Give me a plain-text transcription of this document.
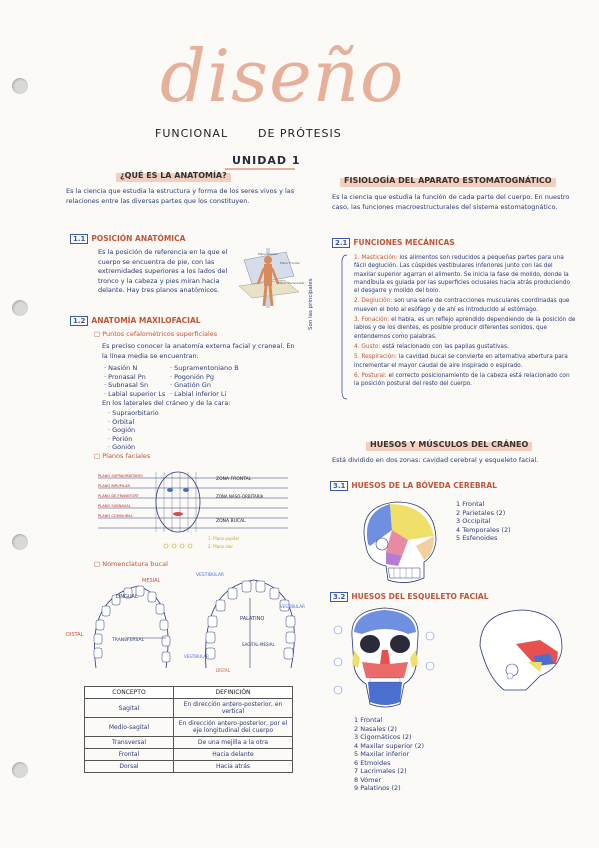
diseño
FUNCIONAL	DE PRÓTESIS
UNIDAD 1
¿QUÉ ES LA ANATOMÍA?
Es la ciencia que estudia la estructura y forma de los seres vivos y las relaciones entre las diversas partes que los constituyen.
1.1 POSICIÓN ANATÓMICA
Es la posición de referencia en la que el cuerpo se encuentra de pie, con las extremidades superiores a los lados del tronco y la cabeza y pies miran hacia delante. Hay tres planos anatómicos.
Plano Sagital
Plano Frontal
Plano Transversal
1.2 ANATOMÍA MAXILOFACIAL
□ Puntos cefalométricos superficiales
Es preciso conocer la anatomía externa facial y craneal. En la línea media se encuentran:
· Nasión N
· Pronasal Pn
· Subnasal Sn
· Labial superior Ls
· Supramentoniano B
· Pogonión Pg
· Gnatión Gn
· Labial inferior Li
En los laterales del cráneo y de la cara:
· Supraorbitario
· Orbital
· Gogión
· Porión
· Gonión
□ Planos faciales
PLANO SUPRAORBITARIO
PLANO BIPUPILAR
PLANO DE FRANKFORT
PLANO SUBNASAL
PLANO COMISURAL
ZONA FRONTAL
ZONA NASO-ORBITARIA
ZONA BUCAL
1. Plano pupilar
2. Plano alar
□ Nomenclatura bucal
MESIAL
LINGUAL
DISTAL
TRANSFERSAL
VESTIBULAR
PALATINO
SAGITAL-MESIAL
VESTIBULAR
VESTIBULAR
DISTAL
CONCEPTO	DEFINICIÓN
Sagital	En dirección antero-posterior, en vertical
Medio-sagital	En dirección antero-posterior, por el eje longitudinal del cuerpo
Transversal	De una mejilla a la otra
Frontal	Hacia delante
Dorsal	Hacia atrás
FISIOLOGÍA DEL APARATO ESTOMATOGNÁTICO
Es la ciencia que estudia la función de cada parte del cuerpo. En nuestro caso, las funciones macroestructurales del sistema estomatognático.
2.1 FUNCIONES MECÁNICAS
Son las principales
1. Masticación: los alimentos son reducidos a pequeñas partes para una fácil deglución. Las cúspides vestibulares inferiores junto con las del maxilar superior agarran el alimento. Se inicia la fase de molido, donde la mandíbula es guiada por las superficies oclusales hacia atrás produciendo el desgarre y molido del bolo.
2. Deglución: son una serie de contracciones musculares coordinadas que mueven el bolo al esófago y de ahí es introducido al estómago.
3. Fonación: el habla, es un reflejo aprendido dependiendo de la posición de labios y de los dientes, es posible producir diferentes sonidos, que entendemos como palabras.
4. Gusto: está relacionado con las papilas gustativas.
5. Respiración: la cavidad bucal se convierte en alternativa abertura para incrementar el mayor caudal de aire inspirado o espirado.
6. Postural: el correcto posicionamiento de la cabeza está relacionado con la posición postural del resto del cuerpo.
HUESOS Y MÚSCULOS DEL CRÁNEO
Está dividido en dos zonas: cavidad cerebral y esqueleto facial.
3.1 HUESOS DE LA BÓVEDA CEREBRAL
1 Frontal
2 Parietales (2)
3 Occipital
4 Temporales (2)
5 Esfenoides
3.2 HUESOS DEL ESQUELETO FACIAL
1 Frontal
2 Nasales (2)
3 Cigomáticos (2)
4 Maxilar superior (2)
5 Maxilar inferior
6 Etmoides
7 Lacrimales (2)
8 Vómer
9 Palatinos (2)
